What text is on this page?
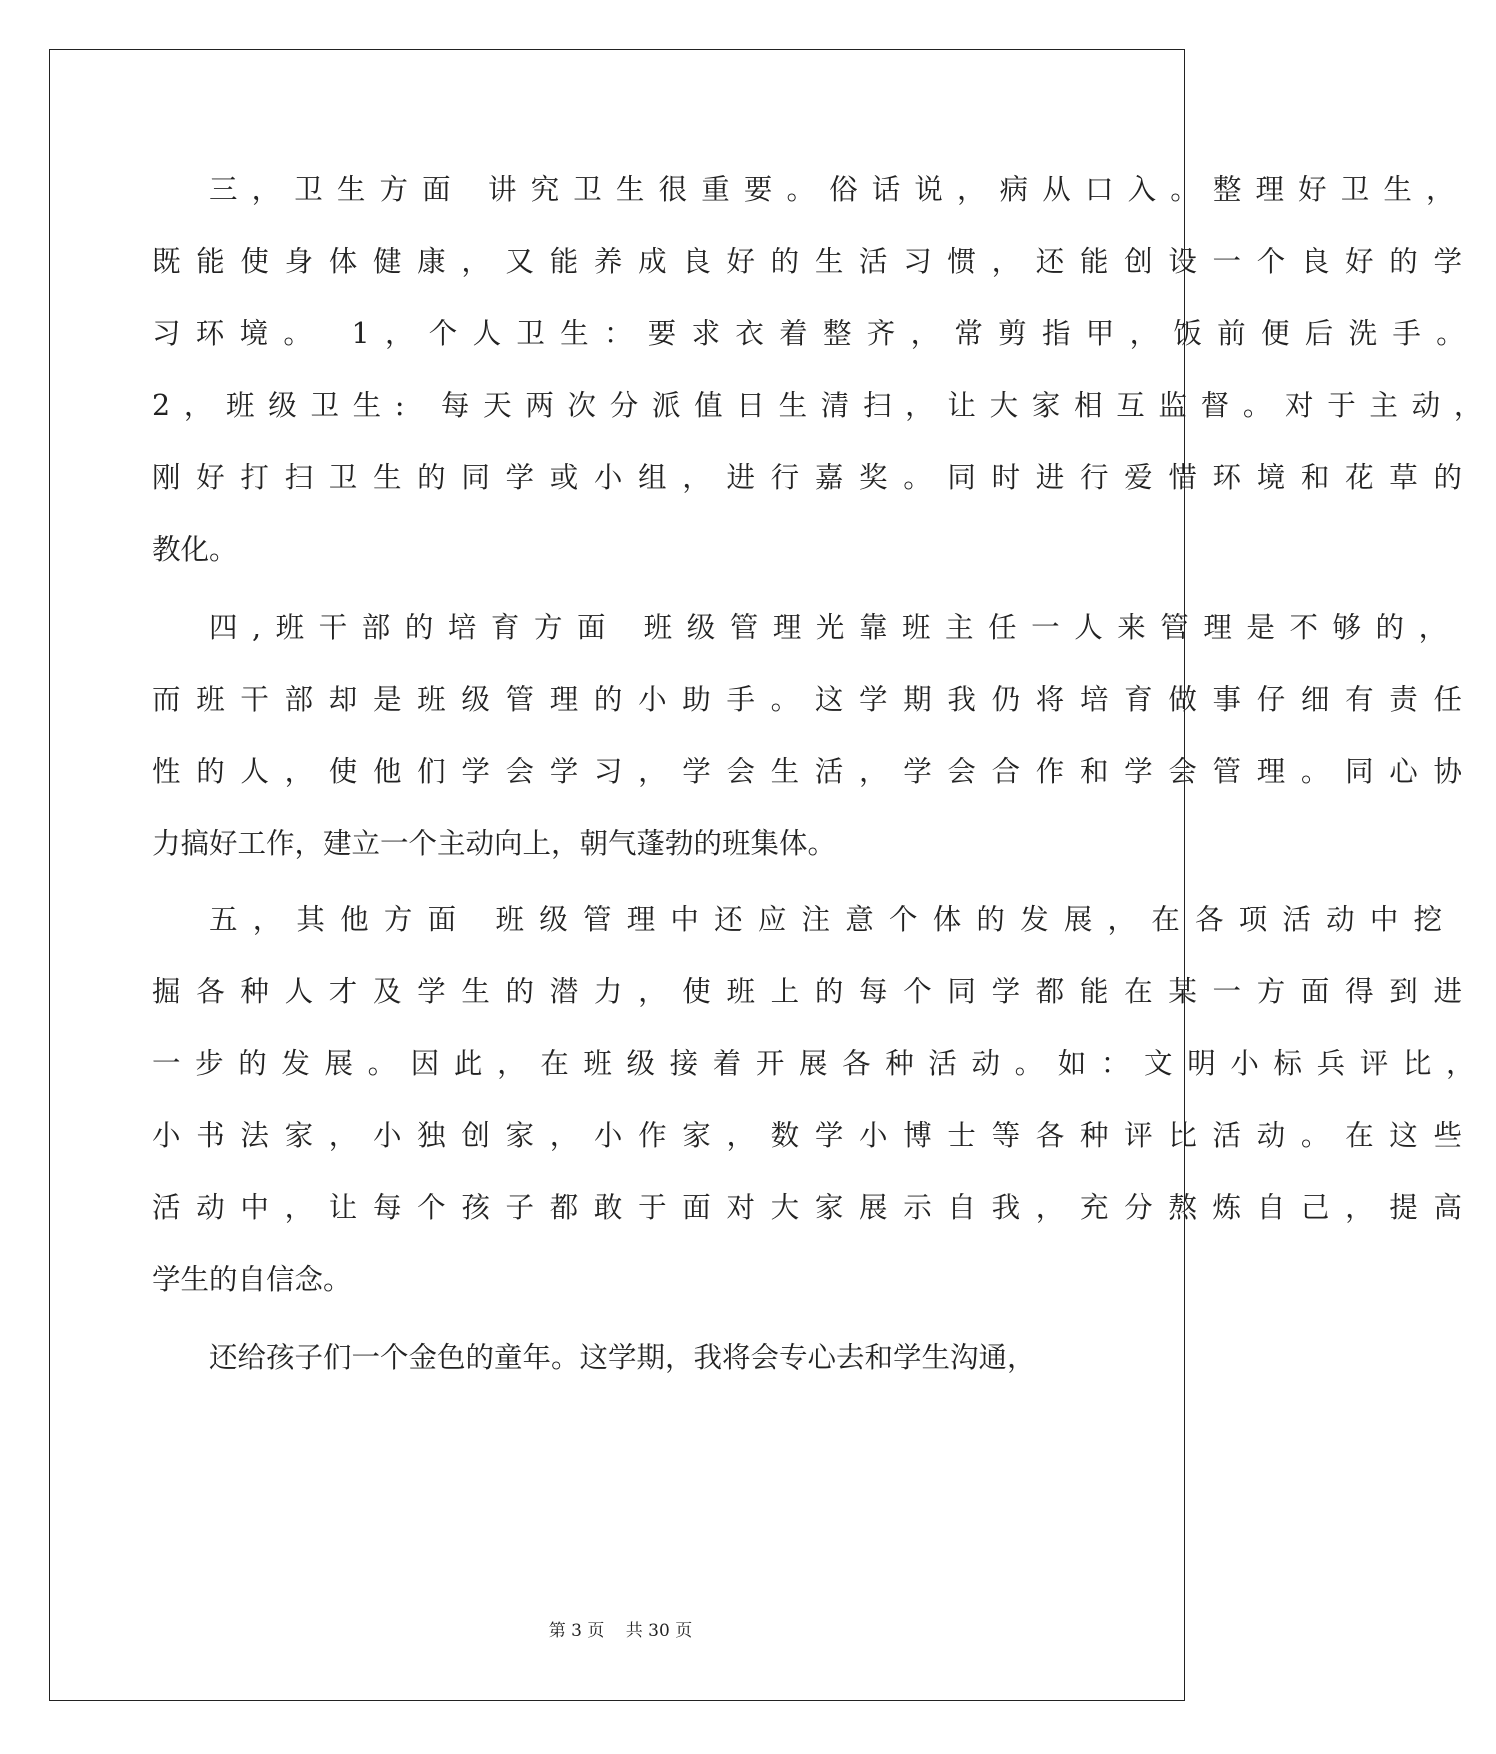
三，卫生方面 讲究卫生很重要。俗话说，病从口入。整理好卫生，
既能使身体健康，又能养成良好的生活习惯，还能创设一个良好的学
习环境。 1，个人卫生：要求衣着整齐，常剪指甲，饭前便后洗手。
2，班级卫生: 每天两次分派值日生清扫，让大家相互监督。对于主动，
刚好打扫卫生的同学或小组，进行嘉奖。同时进行爱惜环境和花草的
教化。
四,班干部的培育方面 班级管理光靠班主任一人来管理是不够的，
而班干部却是班级管理的小助手。这学期我仍将培育做事仔细有责任
性的人，使他们学会学习，学会生活，学会合作和学会管理。同心协
力搞好工作，建立一个主动向上，朝气蓬勃的班集体。
五，其他方面 班级管理中还应注意个体的发展，在各项活动中挖
掘各种人才及学生的潜力，使班上的每个同学都能在某一方面得到进
一步的发展。因此，在班级接着开展各种活动。如：文明小标兵评比，
小书法家，小独创家，小作家，数学小博士等各种评比活动。在这些
活动中，让每个孩子都敢于面对大家展示自我，充分熬炼自己，提高
学生的自信念。
还给孩子们一个金色的童年。这学期，我将会专心去和学生沟通，
第 3 页 共 30 页
